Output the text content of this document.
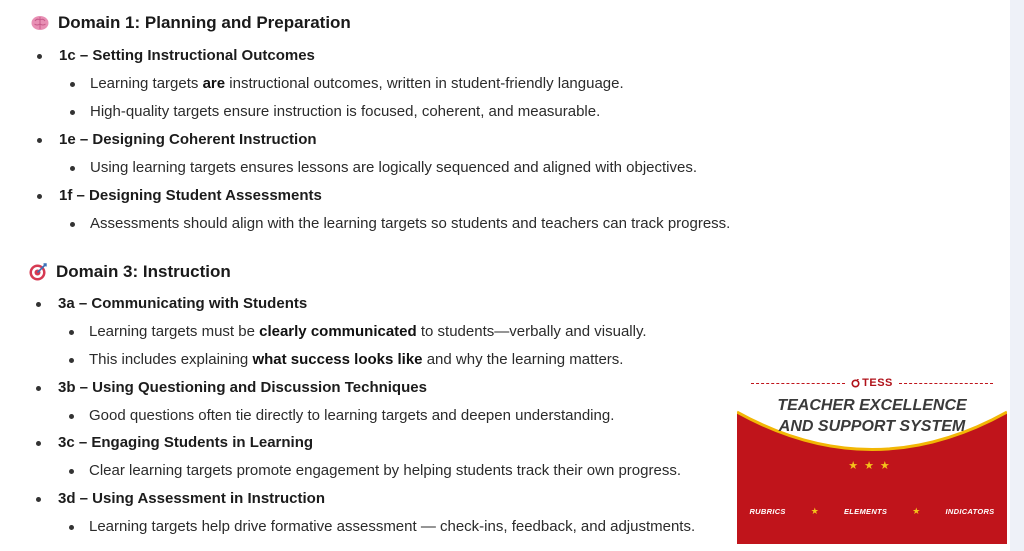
Domain 1: Planning and Preparation
1c – Setting Instructional Outcomes
Learning targets are instructional outcomes, written in student-friendly language.
High-quality targets ensure instruction is focused, coherent, and measurable.
1e – Designing Coherent Instruction
Using learning targets ensures lessons are logically sequenced and aligned with objectives.
1f – Designing Student Assessments
Assessments should align with the learning targets so students and teachers can track progress.
Domain 3: Instruction
3a – Communicating with Students
Learning targets must be clearly communicated to students—verbally and visually.
This includes explaining what success looks like and why the learning matters.
3b – Using Questioning and Discussion Techniques
Good questions often tie directly to learning targets and deepen understanding.
3c – Engaging Students in Learning
Clear learning targets promote engagement by helping students track their own progress.
3d – Using Assessment in Instruction
Learning targets help drive formative assessment — check-ins, feedback, and adjustments.
TESS
TEACHER EXCELLENCE
AND SUPPORT SYSTEM
★★★
RUBRICS	★	ELEMENTS	★	INDICATORS
